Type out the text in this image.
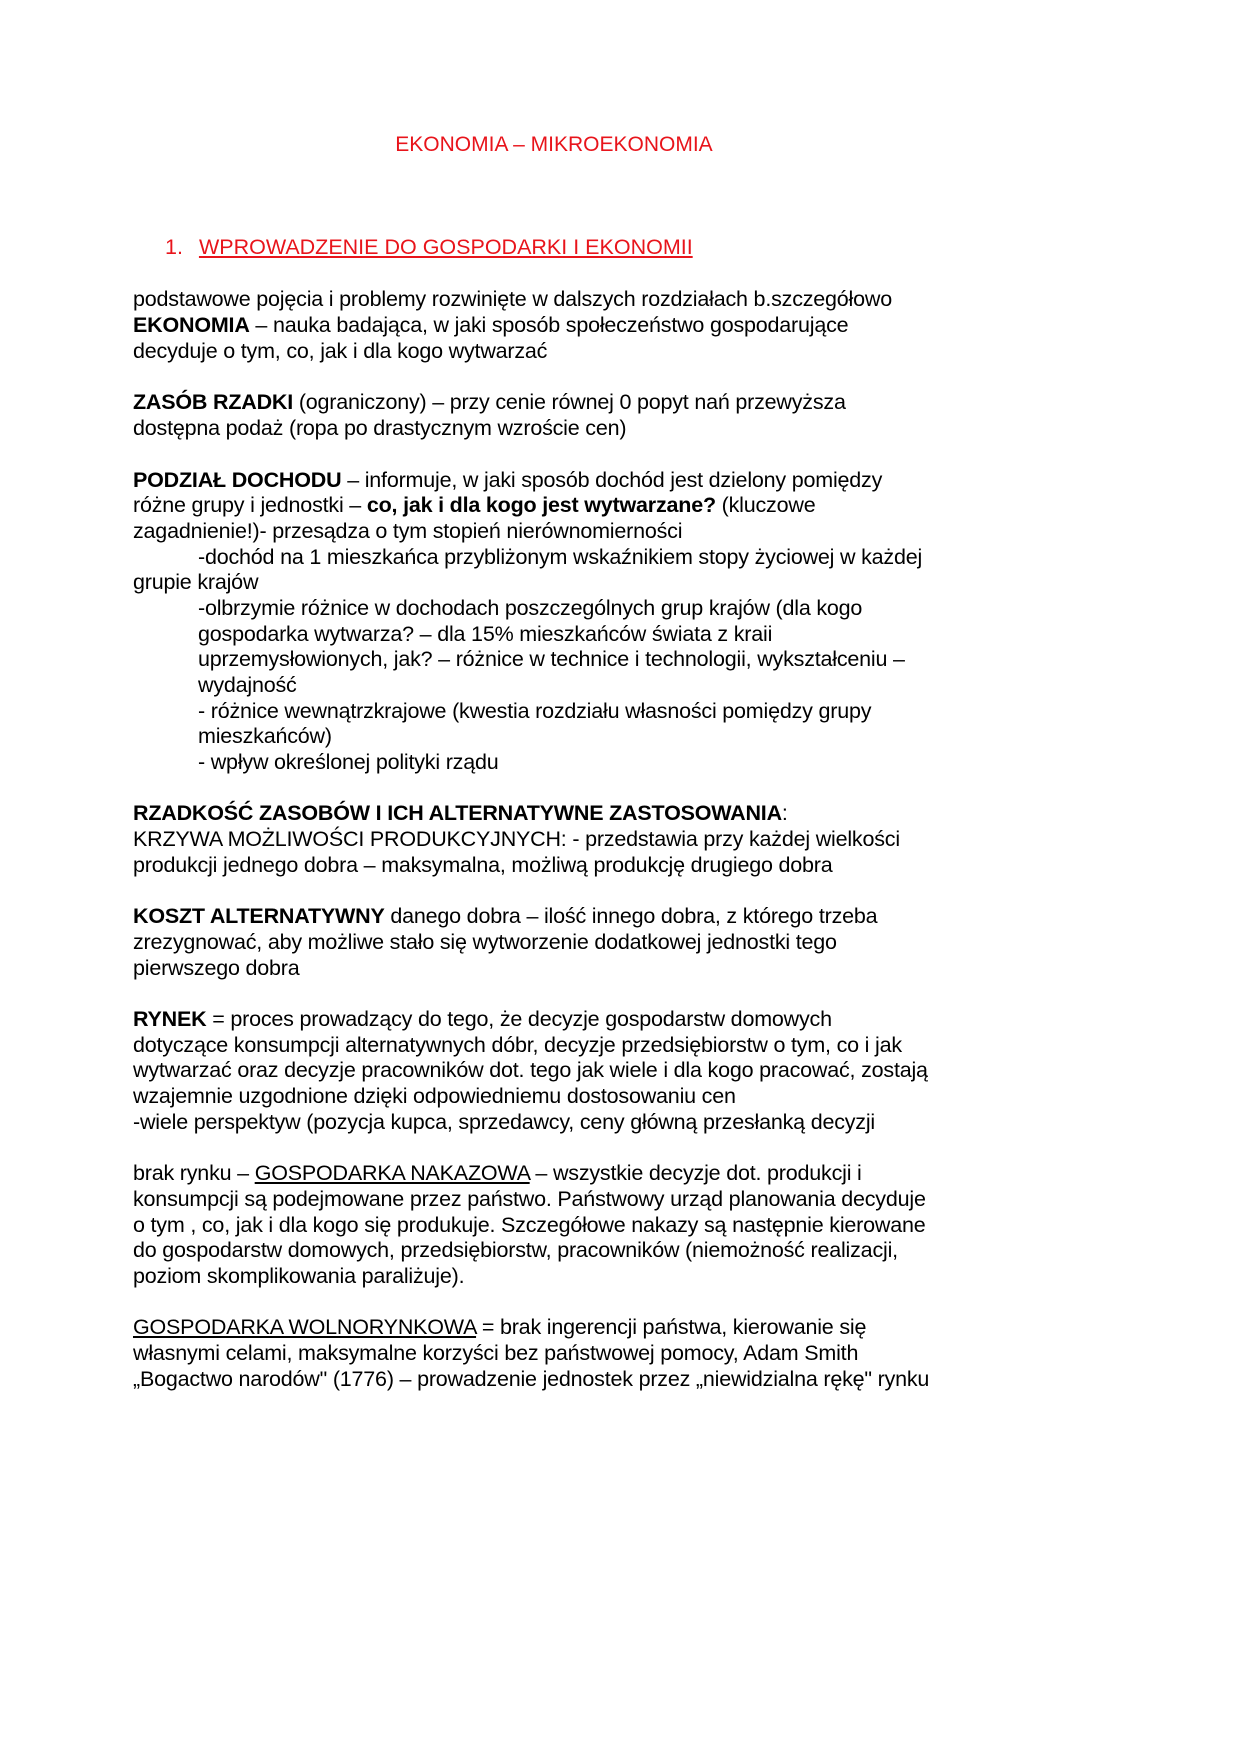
EKONOMIA – MIKROEKONOMIA
1. WPROWADZENIE DO GOSPODARKI I EKONOMII
podstawowe pojęcia i problemy rozwinięte w dalszych rozdziałach b.szczegółowo
EKONOMIA – nauka badająca, w jaki sposób społeczeństwo gospodarujące
decyduje o tym, co, jak i dla kogo wytwarzać
ZASÓB RZADKI (ograniczony) – przy cenie równej 0 popyt nań przewyższa
dostępna podaż (ropa po drastycznym wzroście cen)
PODZIAŁ DOCHODU – informuje, w jaki sposób dochód jest dzielony pomiędzy
różne grupy i jednostki – co, jak i dla kogo jest wytwarzane? (kluczowe
zagadnienie!)- przesądza o tym stopień nierównomierności
-dochód na 1 mieszkańca przybliżonym wskaźnikiem stopy życiowej w każdej
grupie krajów
-olbrzymie różnice w dochodach poszczególnych grup krajów (dla kogo
gospodarka wytwarza? – dla 15% mieszkańców świata z kraii
uprzemysłowionych, jak? – różnice w technice i technologii, wykształceniu –
wydajność
- różnice wewnątrzkrajowe (kwestia rozdziału własności pomiędzy grupy
mieszkańców)
- wpływ określonej polityki rządu
RZADKOŚĆ ZASOBÓW I ICH ALTERNATYWNE ZASTOSOWANIA:
KRZYWA MOŻLIWOŚCI PRODUKCYJNYCH: - przedstawia przy każdej wielkości
produkcji jednego dobra – maksymalna, możliwą produkcję drugiego dobra
KOSZT ALTERNATYWNY danego dobra – ilość innego dobra, z którego trzeba
zrezygnować, aby możliwe stało się wytworzenie dodatkowej jednostki tego
pierwszego dobra
RYNEK = proces prowadzący do tego, że decyzje gospodarstw domowych
dotyczące konsumpcji alternatywnych dóbr, decyzje przedsiębiorstw o tym, co i jak
wytwarzać oraz decyzje pracowników dot. tego jak wiele i dla kogo pracować, zostają
wzajemnie uzgodnione dzięki odpowiedniemu dostosowaniu cen
-wiele perspektyw (pozycja kupca, sprzedawcy, ceny główną przesłanką decyzji
brak rynku – GOSPODARKA NAKAZOWA – wszystkie decyzje dot. produkcji i
konsumpcji są podejmowane przez państwo. Państwowy urząd planowania decyduje
o tym , co, jak i dla kogo się produkuje. Szczegółowe nakazy są następnie kierowane
do gospodarstw domowych, przedsiębiorstw, pracowników (niemożność realizacji,
poziom skomplikowania paraliżuje).
GOSPODARKA WOLNORYNKOWA = brak ingerencji państwa, kierowanie się
własnymi celami, maksymalne korzyści bez państwowej pomocy, Adam Smith
„Bogactwo narodów" (1776) – prowadzenie jednostek przez „niewidzialna rękę" rynku
